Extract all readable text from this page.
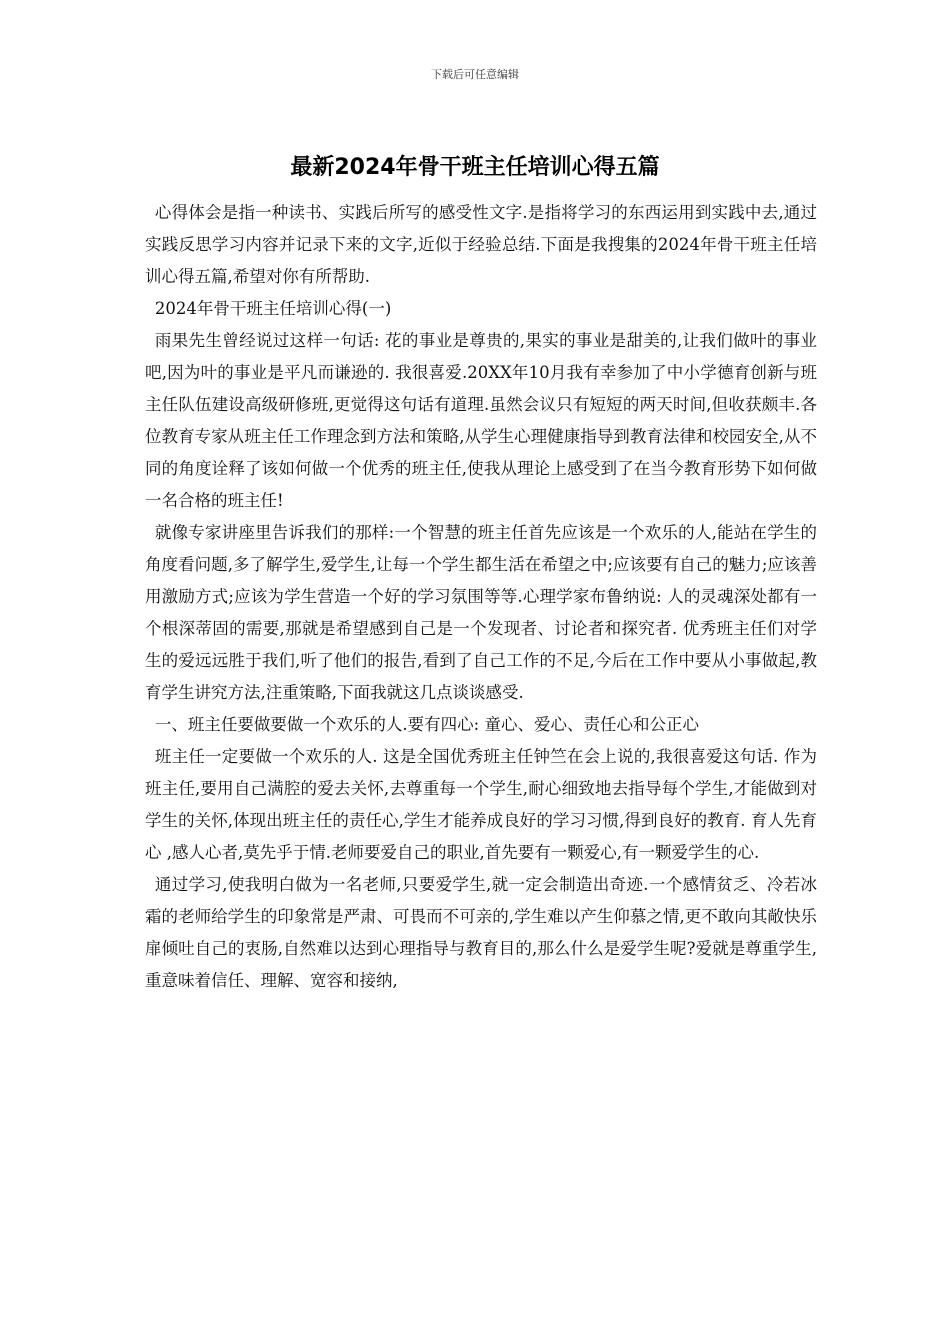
下载后可任意编辑
最新2024年骨干班主任培训心得五篇

心得体会是指一种读书、实践后所写的感受性文字.是指将学习的东西运用到实践中去,通过实践反思学习内容并记录下来的文字,近似于经验总结.下面是我搜集的2024年骨干班主任培训心得五篇,希望对你有所帮助.

2024年骨干班主任培训心得(一)

雨果先生曾经说过这样一句话: 花的事业是尊贵的,果实的事业是甜美的,让我们做叶的事业吧,因为叶的事业是平凡而谦逊的. 我很喜爱.20XX年10月我有幸参加了中小学德育创新与班主任队伍建设高级研修班,更觉得这句话有道理.虽然会议只有短短的两天时间,但收获颇丰.各位教育专家从班主任工作理念到方法和策略,从学生心理健康指导到教育法律和校园安全,从不同的角度诠释了该如何做一个优秀的班主任,使我从理论上感受到了在当今教育形势下如何做一名合格的班主任!

就像专家讲座里告诉我们的那样:一个智慧的班主任首先应该是一个欢乐的人,能站在学生的角度看问题,多了解学生,爱学生,让每一个学生都生活在希望之中;应该要有自己的魅力;应该善用激励方式;应该为学生营造一个好的学习氛围等等.心理学家布鲁纳说: 人的灵魂深处都有一个根深蒂固的需要,那就是希望感到自己是一个发现者、讨论者和探究者. 优秀班主任们对学生的爱远远胜于我们,听了他们的报告,看到了自己工作的不足,今后在工作中要从小事做起,教育学生讲究方法,注重策略,下面我就这几点谈谈感受.

一、班主任要做要做一个欢乐的人.要有四心: 童心、爱心、责任心和公正心

班主任一定要做一个欢乐的人. 这是全国优秀班主任钟竺在会上说的,我很喜爱这句话. 作为班主任,要用自己满腔的爱去关怀,去尊重每一个学生,耐心细致地去指导每个学生,才能做到对学生的关怀,体现出班主任的责任心,学生才能养成良好的学习习惯,得到良好的教育. 育人先育心 ,感人心者,莫先乎于情.老师要爱自己的职业,首先要有一颗爱心,有一颗爱学生的心.

通过学习,使我明白做为一名老师,只要爱学生,就一定会制造出奇迹.一个感情贫乏、冷若冰霜的老师给学生的印象常是严肃、可畏而不可亲的,学生难以产生仰慕之情,更不敢向其敞快乐扉倾吐自己的衷肠,自然难以达到心理指导与教育目的,那么什么是爱学生呢?爱就是尊重学生,重意味着信任、理解、宽容和接纳,
